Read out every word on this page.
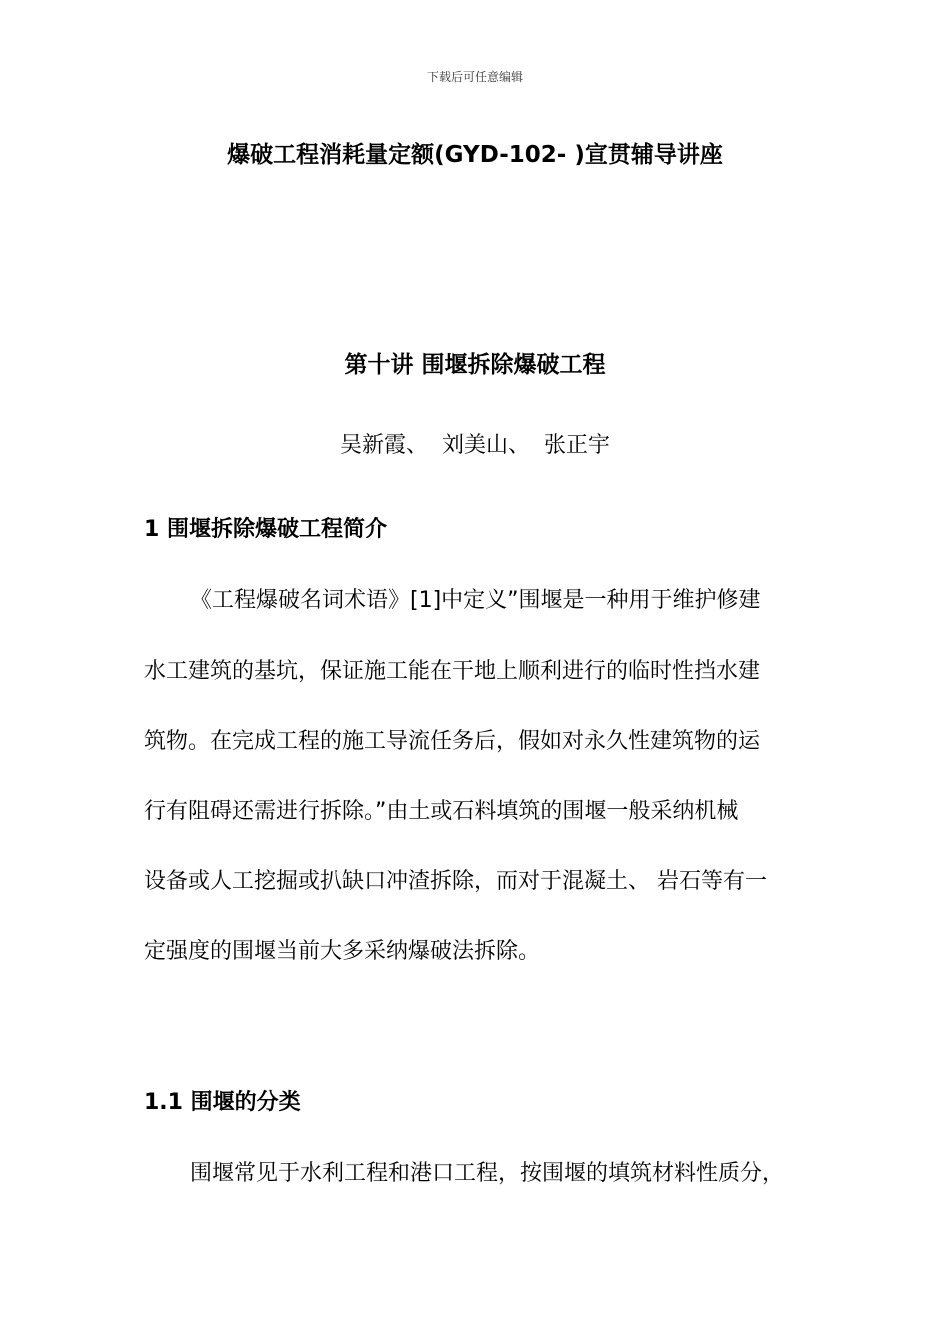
下载后可任意编辑
爆破工程消耗量定额(GYD-102- )宣贯辅导讲座
第十讲 围堰拆除爆破工程
吴新霞、  刘美山、  张正宇
1 围堰拆除爆破工程简介
《工程爆破名词术语》[1]中定义”围堰是一种用于维护修建
水工建筑的基坑，保证施工能在干地上顺利进行的临时性挡水建
筑物。在完成工程的施工导流任务后，假如对永久性建筑物的运
行有阻碍还需进行拆除。”由土或石料填筑的围堰一般采纳机械
设备或人工挖掘或扒缺口冲渣拆除，而对于混凝土、 岩石等有一
定强度的围堰当前大多采纳爆破法拆除。
1.1 围堰的分类
围堰常见于水利工程和港口工程，按围堰的填筑材料性质分，
